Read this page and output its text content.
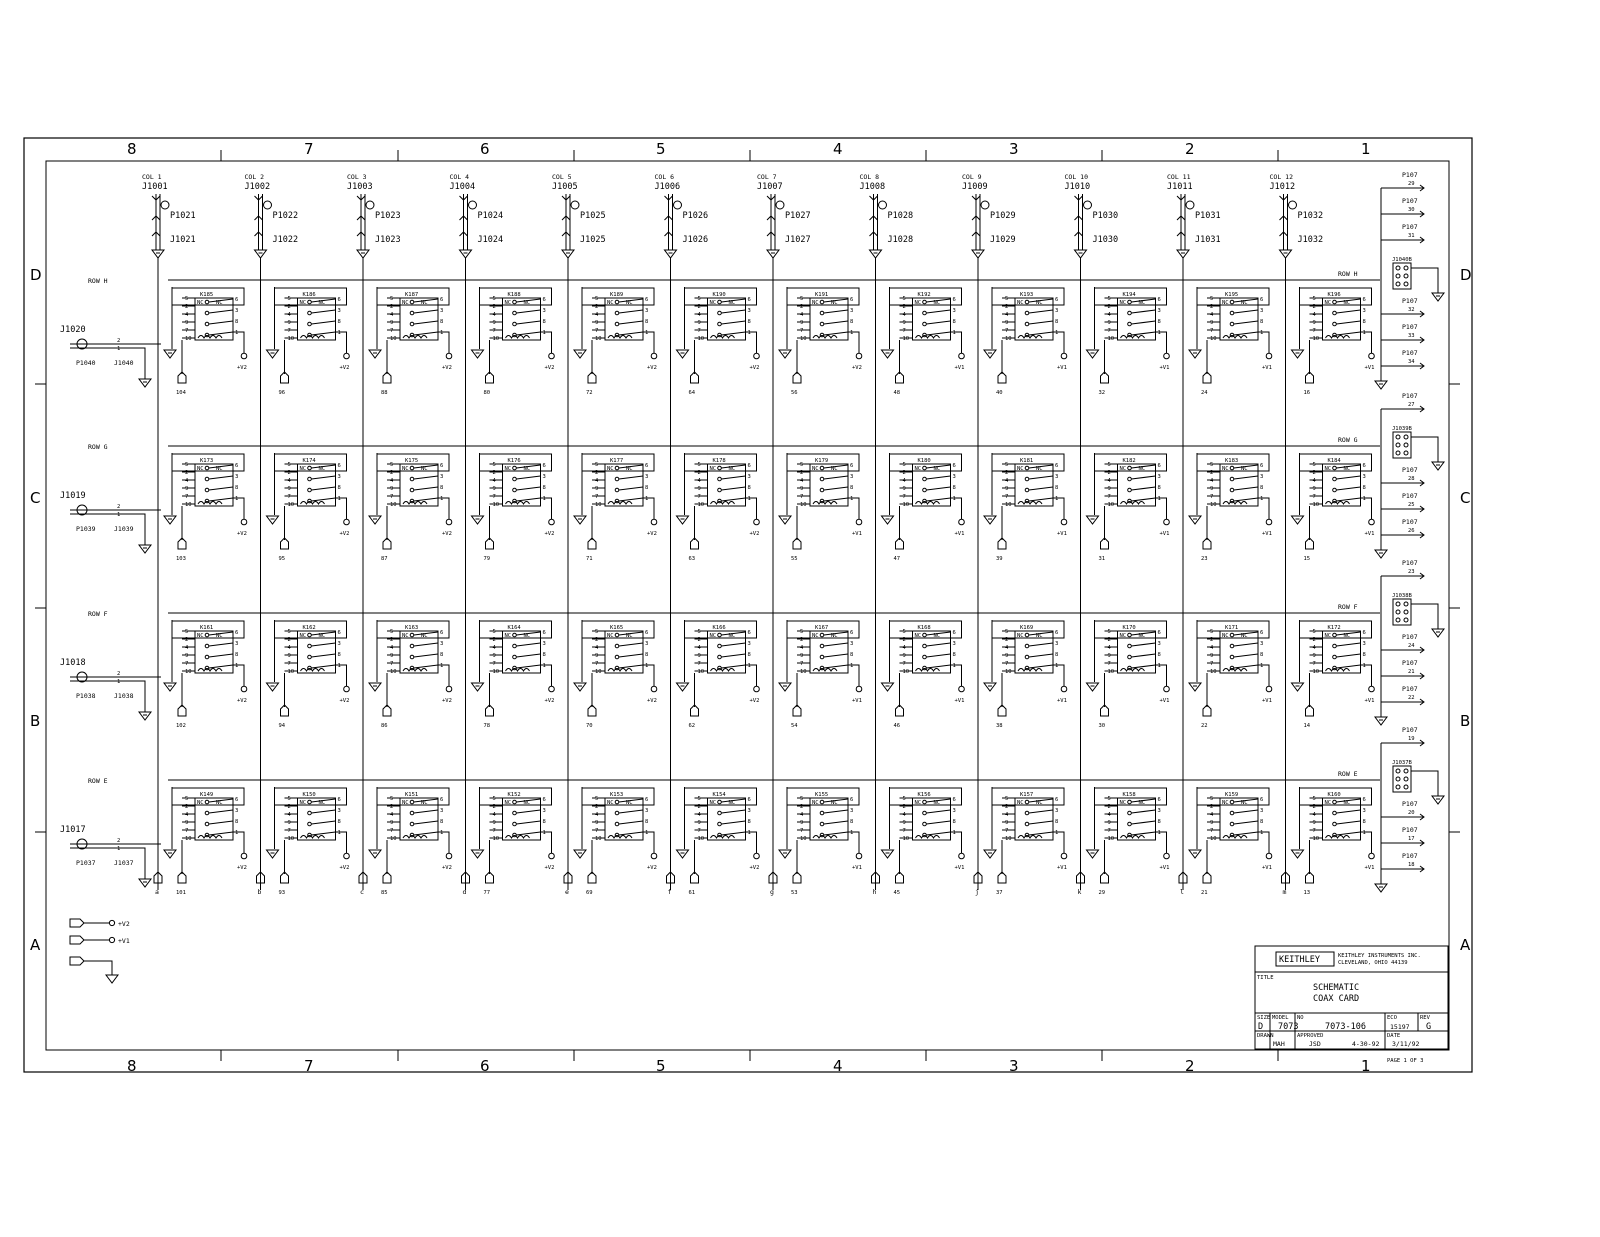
8
8
7
7
6
6
5
5
4
4
3
3
2
2
1
1
D	D
C	C
B	B
A	A
COL 1
J1001
P1021
J1021
COL 2
J1002
P1022
J1022
COL 3
J1003
P1023
J1023
COL 4
J1004
P1024
J1024
COL 5
J1005
P1025
J1025
COL 6
J1006
P1026
J1026
COL 7
J1007
P1027
J1027
COL 8
J1008
P1028
J1028
COL 9
J1009
P1029
J1029
COL 10
J1010
P1030
J1030
COL 11
J1011
P1031
J1031
COL 12
J1012
P1032
J1032
ROW H
J1020
2
1
P1040	J1040
ROW H
K185
NC NC
5
2
4
9
7
10
6
3
8
1
104
+V2
K186
NC NC
5
2
4
9
7
10
6
3
8
1
96
+V2
K187
NC NC
5
2
4
9
7
10
6
3
8
1
88
+V2
K188
NC NC
5
2
4
9
7
10
6
3
8
1
80
+V2
K189
NC NC
5
2
4
9
7
10
6
3
8
1
72
+V2
K190
NC NC
5
2
4
9
7
10
6
3
8
1
64
+V2
K191
NC NC
5
2
4
9
7
10
6
3
8
1
56
+V2
K192
NC NC
5
2
4
9
7
10
6
3
8
1
48
+V1
K193
NC NC
5
2
4
9
7
10
6
3
8
1
40
+V1
K194
NC NC
5
2
4
9
7
10
6
3
8
1
32
+V1
K195
NC NC
5
2
4
9
7
10
6
3
8
1
24
+V1
K196
NC NC
5
2
4
9
7
10
6
3
8
1
16
+V1
ROW G
J1019
2
1
P1039	J1039
ROW G
K173
NC NC
5
2
4
9
7
10
6
3
8
1
103
+V2
K174
NC NC
5
2
4
9
7
10
6
3
8
1
95
+V2
K175
NC NC
5
2
4
9
7
10
6
3
8
1
87
+V2
K176
NC NC
5
2
4
9
7
10
6
3
8
1
79
+V2
K177
NC NC
5
2
4
9
7
10
6
3
8
1
71
+V2
K178
NC NC
5
2
4
9
7
10
6
3
8
1
63
+V2
K179
NC NC
5
2
4
9
7
10
6
3
8
1
55
+V1
K180
NC NC
5
2
4
9
7
10
6
3
8
1
47
+V1
K181
NC NC
5
2
4
9
7
10
6
3
8
1
39
+V1
K182
NC NC
5
2
4
9
7
10
6
3
8
1
31
+V1
K183
NC NC
5
2
4
9
7
10
6
3
8
1
23
+V1
K184
NC NC
5
2
4
9
7
10
6
3
8
1
15
+V1
ROW F
J1018
2
1
P1038	J1038
ROW F
K161
NC NC
5
2
4
9
7
10
6
3
8
1
102
+V2
K162
NC NC
5
2
4
9
7
10
6
3
8
1
94
+V2
K163
NC NC
5
2
4
9
7
10
6
3
8
1
86
+V2
K164
NC NC
5
2
4
9
7
10
6
3
8
1
78
+V2
K165
NC NC
5
2
4
9
7
10
6
3
8
1
70
+V2
K166
NC NC
5
2
4
9
7
10
6
3
8
1
62
+V2
K167
NC NC
5
2
4
9
7
10
6
3
8
1
54
+V1
K168
NC NC
5
2
4
9
7
10
6
3
8
1
46
+V1
K169
NC NC
5
2
4
9
7
10
6
3
8
1
38
+V1
K170
NC NC
5
2
4
9
7
10
6
3
8
1
30
+V1
K171
NC NC
5
2
4
9
7
10
6
3
8
1
22
+V1
K172
NC NC
5
2
4
9
7
10
6
3
8
1
14
+V1
ROW E
J1017
2
1
P1037	J1037
ROW E
K149
NC NC
5
2
4
9
7
10
6
3
8
1
101
+V2
a
K150
NC NC
5
2
4
9
7
10
6
3
8
1
93
+V2
b
K151
NC NC
5
2
4
9
7
10
6
3
8
1
85
+V2
c
K152
NC NC
5
2
4
9
7
10
6
3
8
1
77
+V2
d
K153
NC NC
5
2
4
9
7
10
6
3
8
1
69
+V2
e
K154
NC NC
5
2
4
9
7
10
6
3
8
1
61
+V2
f
K155
NC NC
5
2
4
9
7
10
6
3
8
1
53
+V1
g
K156
NC NC
5
2
4
9
7
10
6
3
8
1
45
+V1
h
K157
NC NC
5
2
4
9
7
10
6
3
8
1
37
+V1
j
K158
NC NC
5
2
4
9
7
10
6
3
8
1
29
+V1
k
K159
NC NC
5
2
4
9
7
10
6
3
8
1
21
+V1
l
K160
NC NC
5
2
4
9
7
10
6
3
8
1
13
+V1
m
P107
29
P107
30
P107
31
J1040B
P107
32
P107
33
P107
34
P107
27
J1039B
P107
28
P107
25
P107
26
P107
23
J1038B
P107
24
P107
21
P107
22
P107
19
J1037B
P107
20
P107
17
P107
18
+V2
+V1
KEITHLEY	KEITHLEY INSTRUMENTS INC.
CLEVELAND, OHIO 44139
TITLE
SCHEMATIC
COAX CARD
SIZE
D
MODEL
7073
NO
7073-106
ECO
15197
REV
G
DRAWN
MAH
APPROVED
JSD	4-30-92
DATE
3/11/92
PAGE 1 OF 3
